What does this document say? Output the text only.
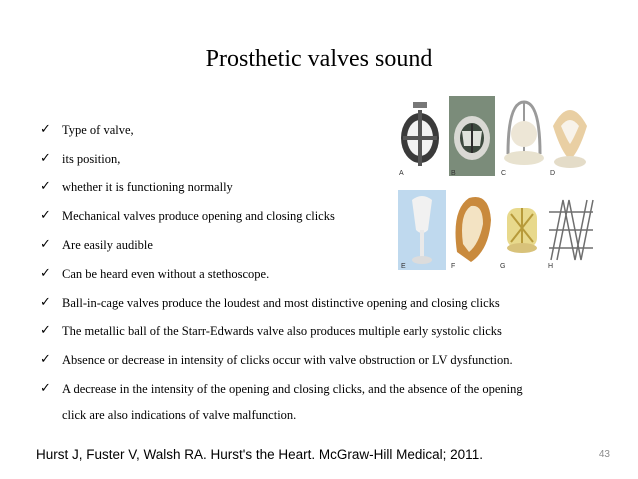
Prosthetic valves sound
✓ Type of valve,
✓ its position,
✓ whether it is functioning normally
✓ Mechanical valves produce opening and closing clicks
✓ Are easily audible
✓ Can be heard even without a stethoscope.
✓ Ball-in-cage valves produce the loudest and most distinctive opening and closing clicks
✓ The metallic ball of the Starr-Edwards valve also produces multiple early systolic clicks
✓ Absence or decrease in intensity of clicks occur with valve obstruction or LV dysfunction.
✓ A decrease in the intensity of the opening and closing clicks, and the absence of the opening
click are also indications of valve malfunction.
A	B	C	D
E	F	G	H
Hurst J, Fuster V, Walsh RA. Hurst's the Heart. McGraw-Hill Medical; 2011.	43
